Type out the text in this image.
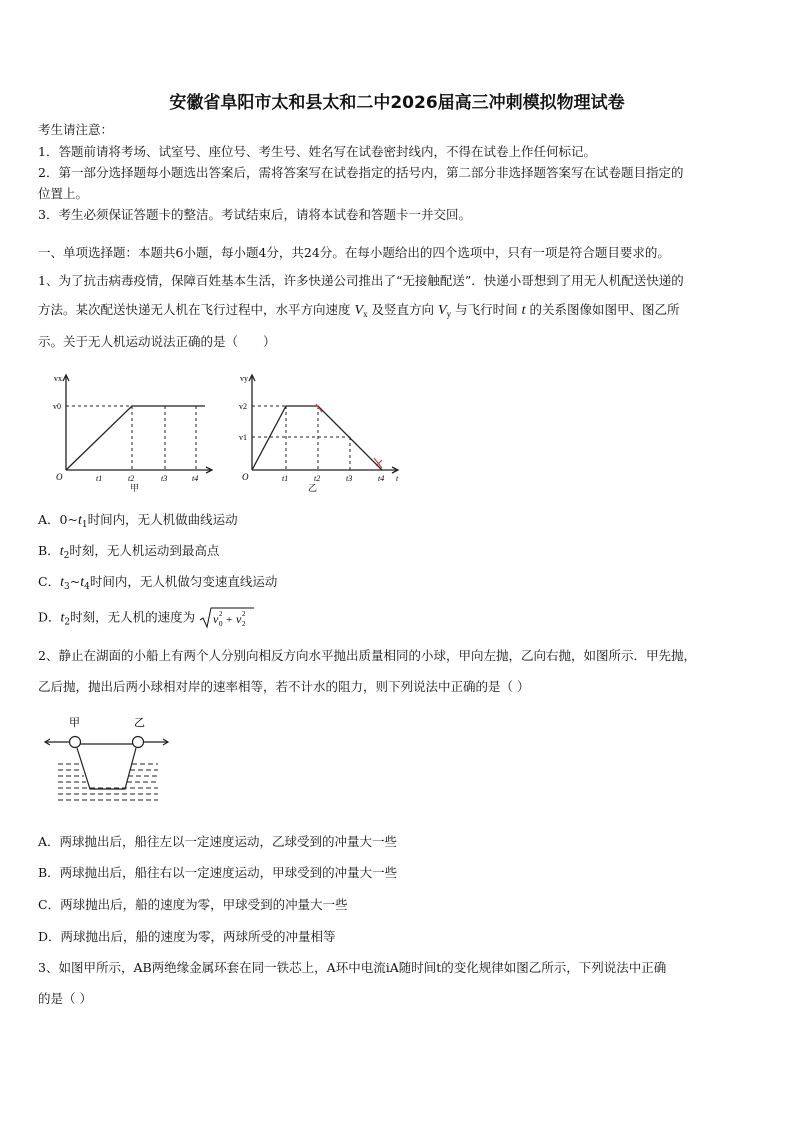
安徽省阜阳市太和县太和二中2026届高三冲刺模拟物理试卷
考生请注意：
1．答题前请将考场、试室号、座位号、考生号、姓名写在试卷密封线内，不得在试卷上作任何标记。
2．第一部分选择题每小题选出答案后，需将答案写在试卷指定的括号内，第二部分非选择题答案写在试卷题目指定的
位置上。
3．考生必须保证答题卡的整洁。考试结束后，请将本试卷和答题卡一并交回。
一、单项选择题：本题共6小题，每小题4分，共24分。在每小题给出的四个选项中，只有一项是符合题目要求的。
1、为了抗击病毒疫情，保障百姓基本生活，许多快递公司推出了“无接触配送”．快递小哥想到了用无人机配送快递的
方法。某次配送快递无人机在飞行过程中，水平方向速度 $V_x$ 及竖直方向 $V_y$ 与飞行时间 t 的关系图像如图甲、图乙所
示。关于无人机运动说法正确的是（　　）
vx
v0
O	t1	t2	t3	t4
甲
vy
v2
v1
O	t1	t2	t3	t4 t
乙
A．$0\sim t_1$时间内，无人机做曲线运动
B．$t_2$时刻，无人机运动到最高点
C．$t_3\sim t_4$时间内，无人机做匀变速直线运动
D．$t_2$时刻，无人机的速度为 v 0
2 + v 2
2
2、静止在湖面的小船上有两个人分别向相反方向水平抛出质量相同的小球，甲向左抛，乙向右抛，如图所示．甲先抛，
乙后抛，抛出后两小球相对岸的速率相等，若不计水的阻力，则下列说法中正确的是（ ）
甲	乙
A．两球抛出后，船往左以一定速度运动，乙球受到的冲量大一些
B．两球抛出后，船往右以一定速度运动，甲球受到的冲量大一些
C．两球抛出后，船的速度为零，甲球受到的冲量大一些
D．两球抛出后，船的速度为零，两球所受的冲量相等
3、如图甲所示，AB两绝缘金属环套在同一铁芯上，A环中电流iA随时间t的变化规律如图乙所示，下列说法中正确
的是（ ）
